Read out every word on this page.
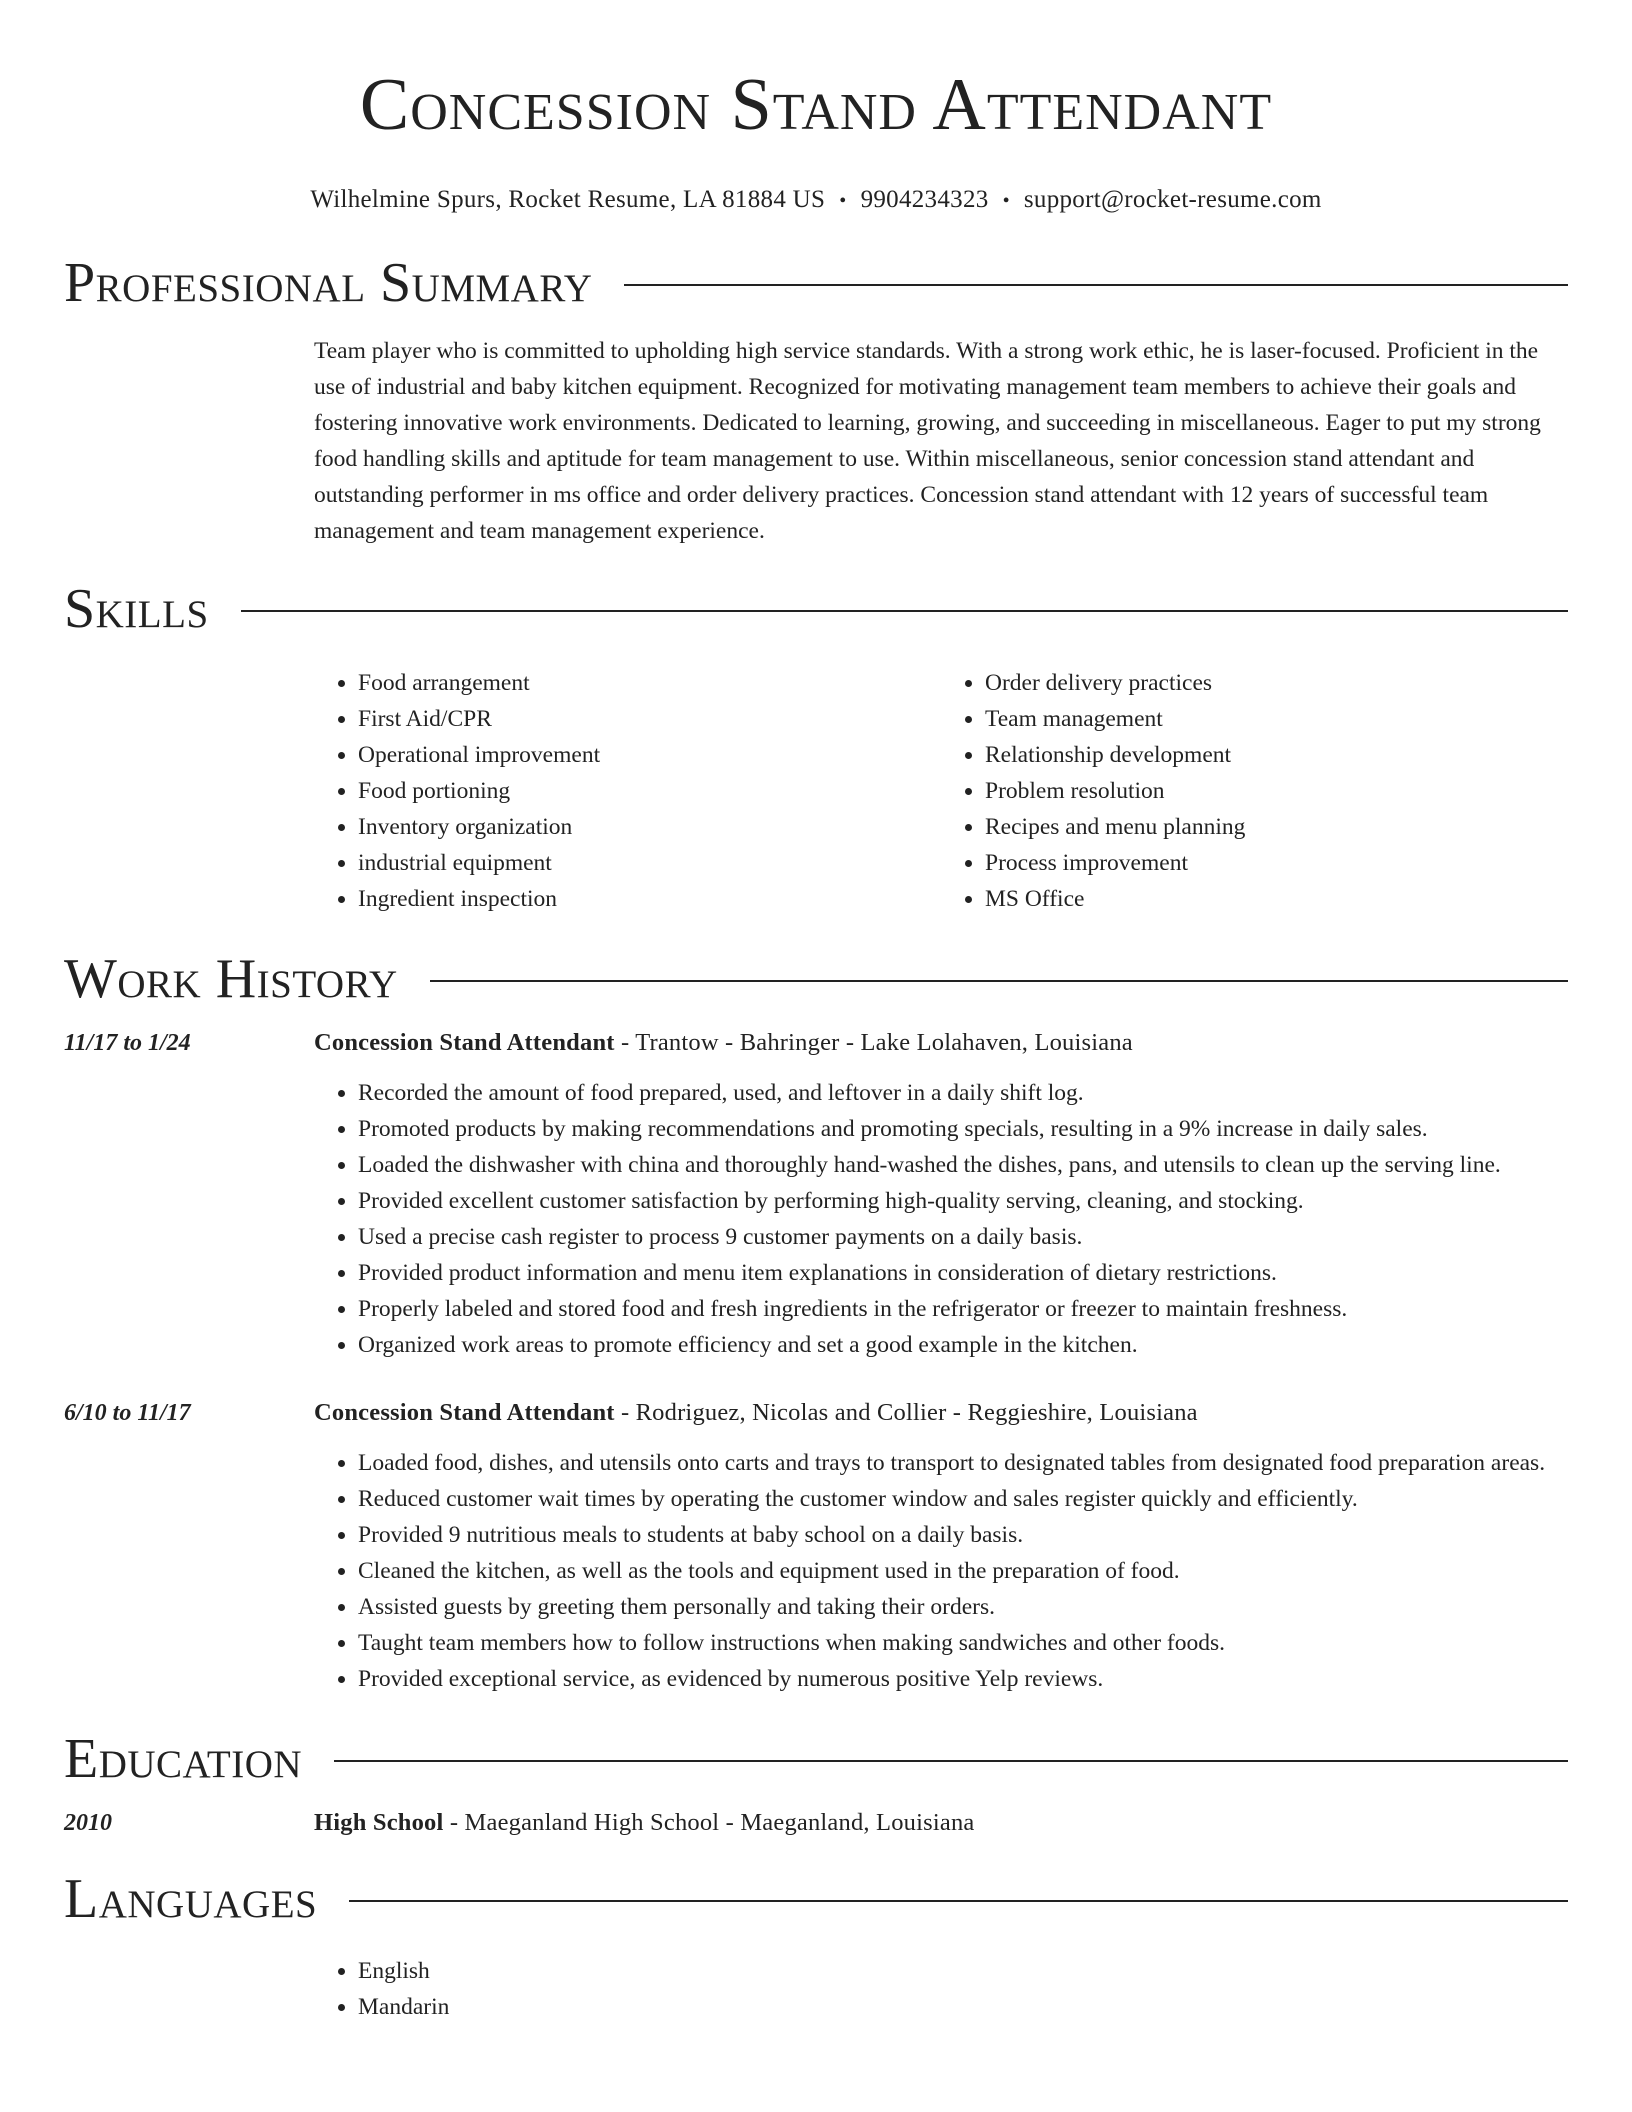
Concession Stand Attendant
Wilhelmine Spurs, Rocket Resume, LA 81884 US • 9904234323 • support@rocket-resume.com
Professional Summary

Team player who is committed to upholding high service standards. With a strong work ethic, he is laser-focused. Proficient in the use of industrial and baby kitchen equipment. Recognized for motivating management team members to achieve their goals and fostering innovative work environments. Dedicated to learning, growing, and succeeding in miscellaneous. Eager to put my strong food handling skills and aptitude for team management to use. Within miscellaneous, senior concession stand attendant and outstanding performer in ms office and order delivery practices. Concession stand attendant with 12 years of successful team management and team management experience.

Skills
• Food arrangement
• First Aid/CPR
• Operational improvement
• Food portioning
• Inventory organization
• industrial equipment
• Ingredient inspection
• Order delivery practices
• Team management
• Relationship development
• Problem resolution
• Recipes and menu planning
• Process improvement
• MS Office
Work History
11/17 to 1/24	Concession Stand Attendant - Trantow - Bahringer - Lake Lolahaven, Louisiana
• Recorded the amount of food prepared, used, and leftover in a daily shift log.
• Promoted products by making recommendations and promoting specials, resulting in a 9% increase in daily sales.
• Loaded the dishwasher with china and thoroughly hand-washed the dishes, pans, and utensils to clean up the serving line.
• Provided excellent customer satisfaction by performing high-quality serving, cleaning, and stocking.
• Used a precise cash register to process 9 customer payments on a daily basis.
• Provided product information and menu item explanations in consideration of dietary restrictions.
• Properly labeled and stored food and fresh ingredients in the refrigerator or freezer to maintain freshness.
• Organized work areas to promote efficiency and set a good example in the kitchen.
6/10 to 11/17	Concession Stand Attendant - Rodriguez, Nicolas and Collier - Reggieshire, Louisiana
• Loaded food, dishes, and utensils onto carts and trays to transport to designated tables from designated food preparation areas.
• Reduced customer wait times by operating the customer window and sales register quickly and efficiently.
• Provided 9 nutritious meals to students at baby school on a daily basis.
• Cleaned the kitchen, as well as the tools and equipment used in the preparation of food.
• Assisted guests by greeting them personally and taking their orders.
• Taught team members how to follow instructions when making sandwiches and other foods.
• Provided exceptional service, as evidenced by numerous positive Yelp reviews.
Education
2010	High School - Maeganland High School - Maeganland, Louisiana
Languages
• English
• Mandarin
